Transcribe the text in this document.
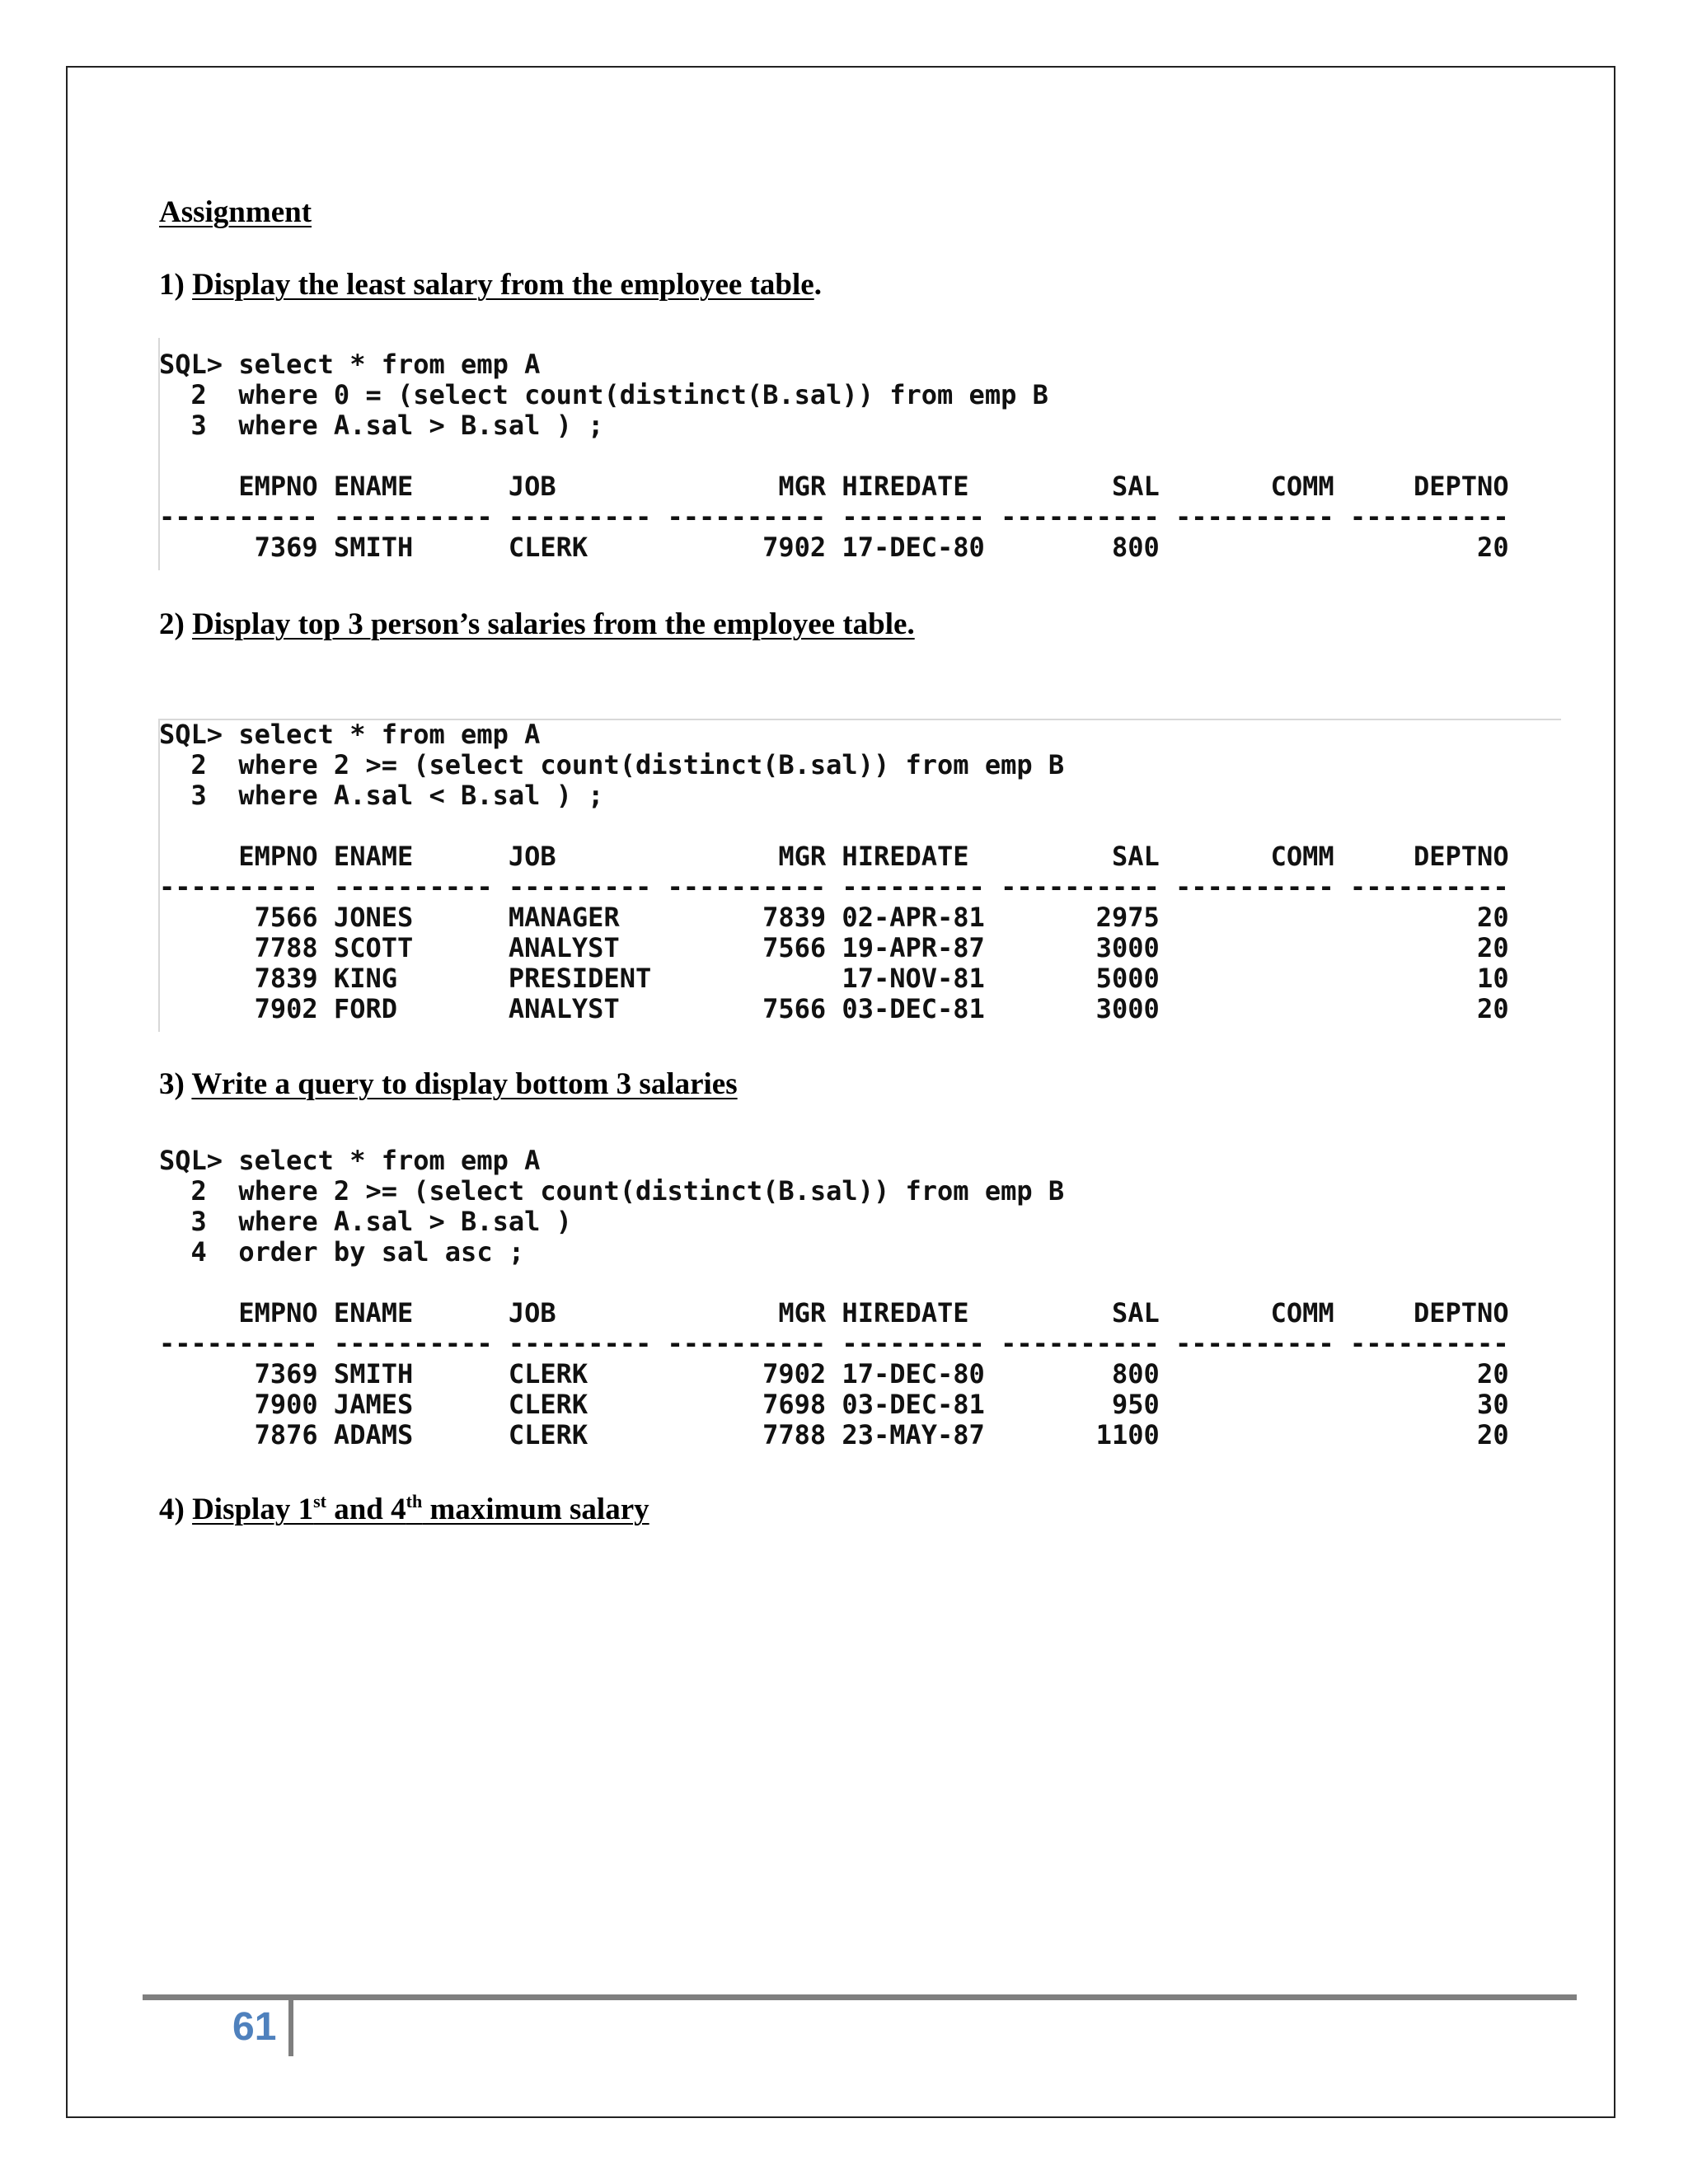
Assignment
1) Display the least salary from the employee table.
SQL> select * from emp A
2  where 0 = (select count(distinct(B.sal)) from emp B
3  where A.sal > B.sal ) ;
EMPNO ENAME      JOB              MGR HIREDATE         SAL       COMM     DEPTNO
---------- ---------- --------- ---------- --------- ---------- ---------- ----------
7369 SMITH      CLERK           7902 17-DEC-80        800                    20
2) Display top 3 person’s salaries from the employee table.
SQL> select * from emp A
2  where 2 >= (select count(distinct(B.sal)) from emp B
3  where A.sal < B.sal ) ;
EMPNO ENAME      JOB              MGR HIREDATE         SAL       COMM     DEPTNO
---------- ---------- --------- ---------- --------- ---------- ---------- ----------
7566 JONES      MANAGER         7839 02-APR-81       2975                    20
7788 SCOTT      ANALYST         7566 19-APR-87       3000                    20
7839 KING       PRESIDENT            17-NOV-81       5000                    10
7902 FORD       ANALYST         7566 03-DEC-81       3000                    20
3) Write a query to display bottom 3 salaries
SQL> select * from emp A
2  where 2 >= (select count(distinct(B.sal)) from emp B
3  where A.sal > B.sal )
4  order by sal asc ;
EMPNO ENAME      JOB              MGR HIREDATE         SAL       COMM     DEPTNO
---------- ---------- --------- ---------- --------- ---------- ---------- ----------
7369 SMITH      CLERK           7902 17-DEC-80        800                    20
7900 JAMES      CLERK           7698 03-DEC-81        950                    30
7876 ADAMS      CLERK           7788 23-MAY-87       1100                    20
4) Display 1st and 4th maximum salary
61
